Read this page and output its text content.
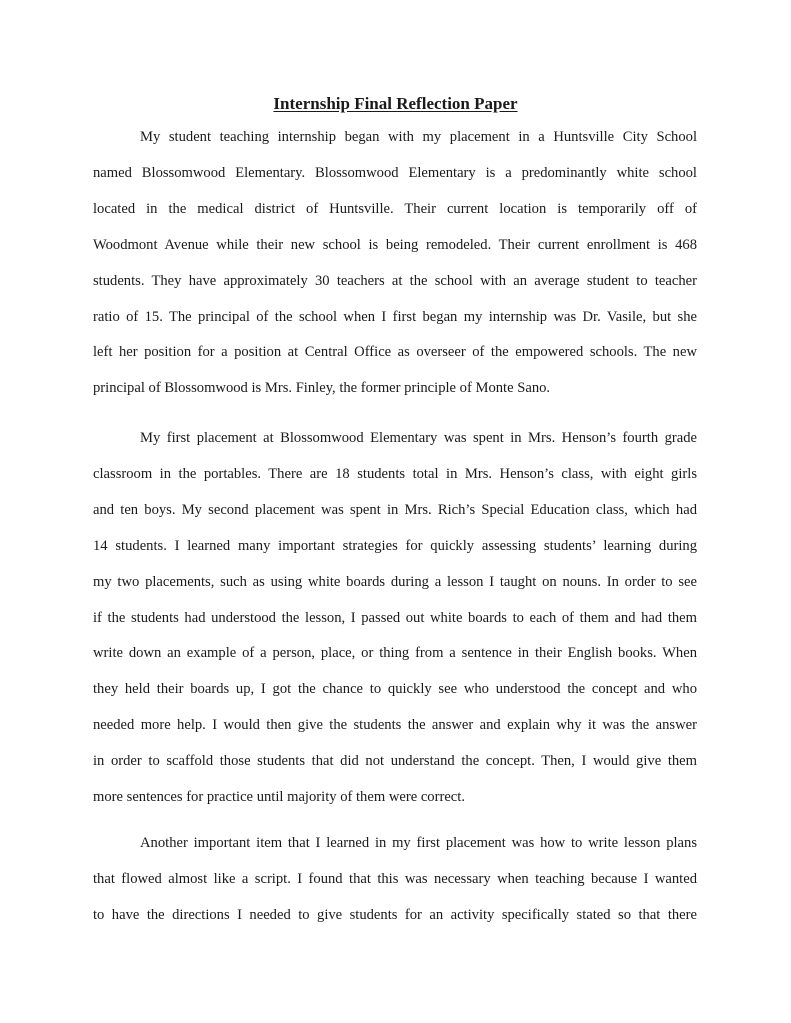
Internship Final Reflection Paper
My student teaching internship began with my placement in a Huntsville City School
named Blossomwood Elementary. Blossomwood Elementary is a predominantly white school
located in the medical district of Huntsville. Their current location is temporarily off of
Woodmont Avenue while their new school is being remodeled. Their current enrollment is 468
students. They have approximately 30 teachers at the school with an average student to teacher
ratio of 15. The principal of the school when I first began my internship was Dr. Vasile, but she
left her position for a position at Central Office as overseer of the empowered schools. The new
principal of Blossomwood is Mrs. Finley, the former principle of Monte Sano.
My first placement at Blossomwood Elementary was spent in Mrs. Henson’s fourth grade
classroom in the portables. There are 18 students total in Mrs. Henson’s class, with eight girls
and ten boys. My second placement was spent in Mrs. Rich’s Special Education class, which had
14 students. I learned many important strategies for quickly assessing students’ learning during
my two placements, such as using white boards during a lesson I taught on nouns. In order to see
if the students had understood the lesson, I passed out white boards to each of them and had them
write down an example of a person, place, or thing from a sentence in their English books. When
they held their boards up, I got the chance to quickly see who understood the concept and who
needed more help. I would then give the students the answer and explain why it was the answer
in order to scaffold those students that did not understand the concept. Then, I would give them
more sentences for practice until majority of them were correct.
Another important item that I learned in my first placement was how to write lesson plans
that flowed almost like a script. I found that this was necessary when teaching because I wanted
to have the directions I needed to give students for an activity specifically stated so that there
